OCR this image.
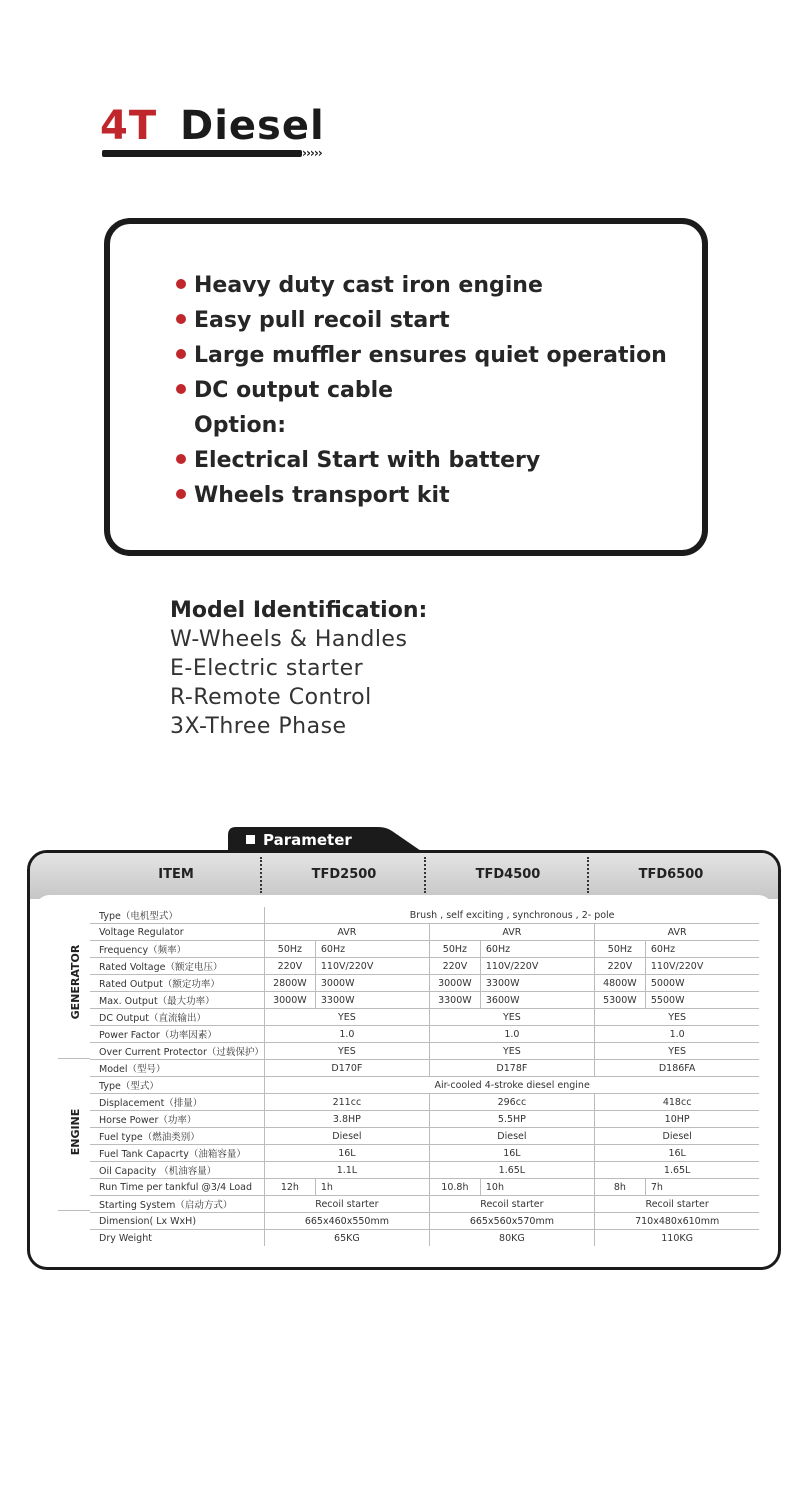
4T Diesel
›››››
Heavy duty cast iron engine
Easy pull recoil start
Large muffler ensures quiet operation
DC output cable
Option:
Electrical Start with battery
Wheels transport kit
Model Identification:
W-Wheels & Handles
E-Electric starter
R-Remote Control
3X-Three Phase
Parameter
ITEM	TFD2500	TFD4500	TFD6500
GENERATOR
ENGINE
Type（电机型式）	Brush , self exciting , synchronous , 2- pole					
Voltage Regulator	AVR		AVR		AVR	
Frequency（频率）	50Hz	60Hz	50Hz	60Hz	50Hz	60Hz
Rated Voltage（额定电压）	220V	110V/220V	220V	110V/220V	220V	110V/220V
Rated Output（额定功率）	2800W	3000W	3000W	3300W	4800W	5000W
Max. Output（最大功率）	3000W	3300W	3300W	3600W	5300W	5500W
DC Output（直流输出）	YES		YES		YES	
Power Factor（功率因素）	1.0		1.0		1.0	
Over Current Protector（过载保护）	YES		YES		YES	
Model（型号）	D170F		D178F		D186FA	
Type（型式）	Air-cooled 4-stroke diesel engine					
Displacement（排量）	211cc		296cc		418cc	
Horse Power（功率）	3.8HP		5.5HP		10HP	
Fuel type（燃油类别）	Diesel		Diesel		Diesel	
Fuel Tank Capacrty（油箱容量）	16L		16L		16L	
Oil Capacity （机油容量）	1.1L		1.65L		1.65L	
Run Time per tankful @3/4 Load	12h	1h	10.8h	10h	8h	7h
Starting System（启动方式）	Recoil starter		Recoil starter		Recoil starter	
Dimension( Lx WxH)	665x460x550mm		665x560x570mm		710x480x610mm	
Dry Weight	65KG		80KG		110KG	
